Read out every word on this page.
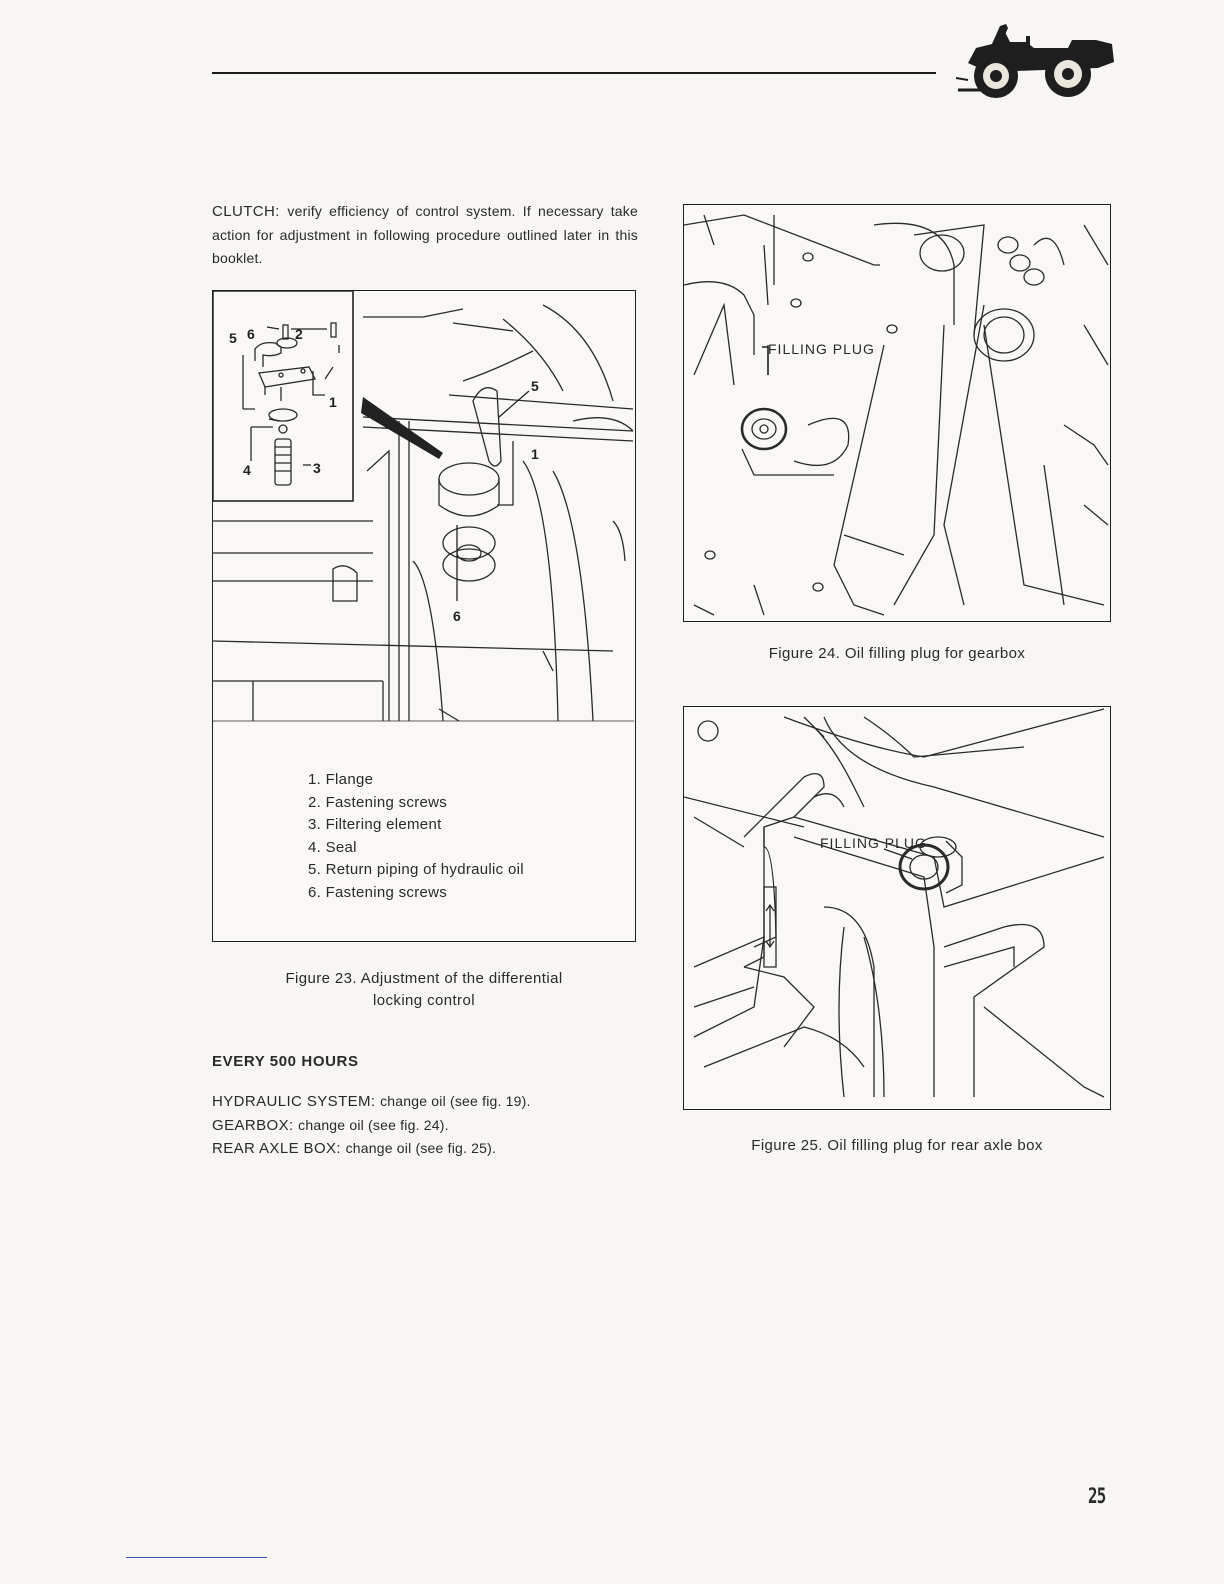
CLUTCH: verify efficiency of control system. If necessary take action for adjustment in following procedure outlined later in this booklet.
5 6	2
1
4	3
5
1
6
1. Flange
2. Fastening screws
3. Filtering element
4. Seal
5. Return piping of hydraulic oil
6. Fastening screws
Figure 23. Adjustment of the differential
locking control
FILLING PLUG
Figure 24. Oil filling plug for gearbox
FILLING PLUG
Figure 25. Oil filling plug for rear axle box
EVERY 500 HOURS
HYDRAULIC SYSTEM: change oil (see fig. 19).
GEARBOX: change oil (see fig. 24).
REAR AXLE BOX: change oil (see fig. 25).
25
